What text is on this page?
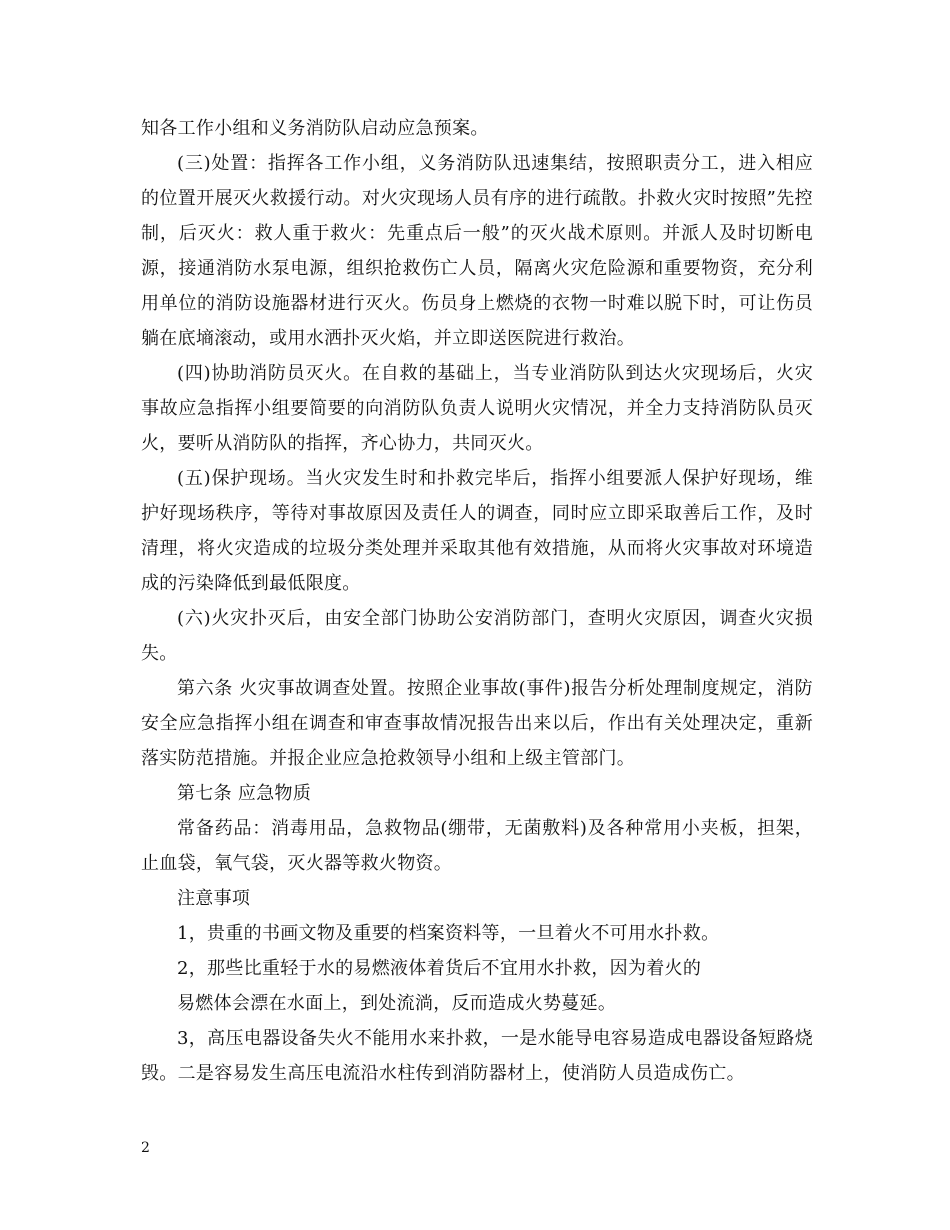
知各工作小组和义务消防队启动应急预案。

(三)处置：指挥各工作小组，义务消防队迅速集结，按照职责分工，进入相应的位置开展灭火救援行动。对火灾现场人员有序的进行疏散。扑救火灾时按照”先控制，后灭火：救人重于救火：先重点后一般”的灭火战术原则。并派人及时切断电源，接通消防水泵电源，组织抢救伤亡人员，隔离火灾危险源和重要物资，充分利用单位的消防设施器材进行灭火。伤员身上燃烧的衣物一时难以脱下时，可让伤员躺在底墒滚动，或用水洒扑灭火焰，并立即送医院进行救治。

(四)协助消防员灭火。在自救的基础上，当专业消防队到达火灾现场后，火灾事故应急指挥小组要简要的向消防队负责人说明火灾情况，并全力支持消防队员灭火，要听从消防队的指挥，齐心协力，共同灭火。

(五)保护现场。当火灾发生时和扑救完毕后，指挥小组要派人保护好现场，维护好现场秩序，等待对事故原因及责任人的调查，同时应立即采取善后工作，及时清理，将火灾造成的垃圾分类处理并采取其他有效措施，从而将火灾事故对环境造成的污染降低到最低限度。

(六)火灾扑灭后，由安全部门协助公安消防部门，查明火灾原因，调查火灾损失。

第六条 火灾事故调查处置。按照企业事故(事件)报告分析处理制度规定，消防安全应急指挥小组在调查和审查事故情况报告出来以后，作出有关处理决定，重新落实防范措施。并报企业应急抢救领导小组和上级主管部门。

第七条 应急物质

常备药品：消毒用品，急救物品(绷带，无菌敷料)及各种常用小夹板，担架，止血袋，氧气袋，灭火器等救火物资。

注意事项

1，贵重的书画文物及重要的档案资料等，一旦着火不可用水扑救。

2，那些比重轻于水的易燃液体着货后不宜用水扑救，因为着火的

易燃体会漂在水面上，到处流淌，反而造成火势蔓延。

3，高压电器设备失火不能用水来扑救，一是水能导电容易造成电器设备短路烧毁。二是容易发生高压电流沿水柱传到消防器材上，使消防人员造成伤亡。

2
